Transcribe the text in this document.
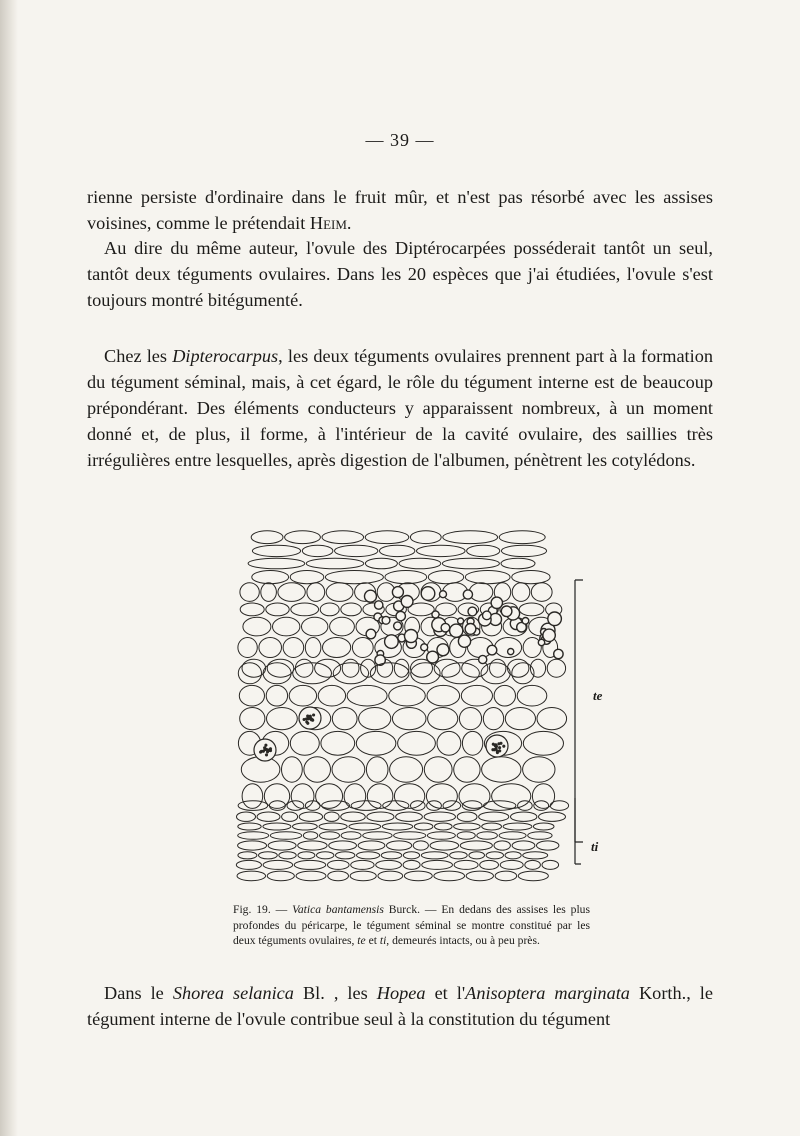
— 39 —

rienne persiste d'ordinaire dans le fruit mûr, et n'est pas résorbé avec les assises voisines, comme le prétendait Heim.

Au dire du même auteur, l'ovule des Diptérocarpées posséderait tantôt un seul, tantôt deux téguments ovulaires. Dans les 20 espèces que j'ai étudiées, l'ovule s'est toujours montré bitégumenté.

Chez les Dipterocarpus, les deux téguments ovulaires prennent part à la formation du tégument séminal, mais, à cet égard, le rôle du tégument interne est de beaucoup prépondérant. Des éléments conducteurs y apparaissent nombreux, à un moment donné et, de plus, il forme, à l'intérieur de la cavité ovulaire, des saillies très irrégulières entre lesquelles, après digestion de l'albumen, pénètrent les cotylédons.

te
ti
Fig. 19. — Vatica bantamensis Burck. — En dedans des assises les plus profondes du péricarpe, le tégument séminal se montre constitué par les deux téguments ovulaires, te et ti, demeurés intacts, ou à peu près.

Dans le Shorea selanica Bl. , les Hopea et l'Anisoptera marginata Korth., le tégument interne de l'ovule contribue seul à la constitution du tégument
